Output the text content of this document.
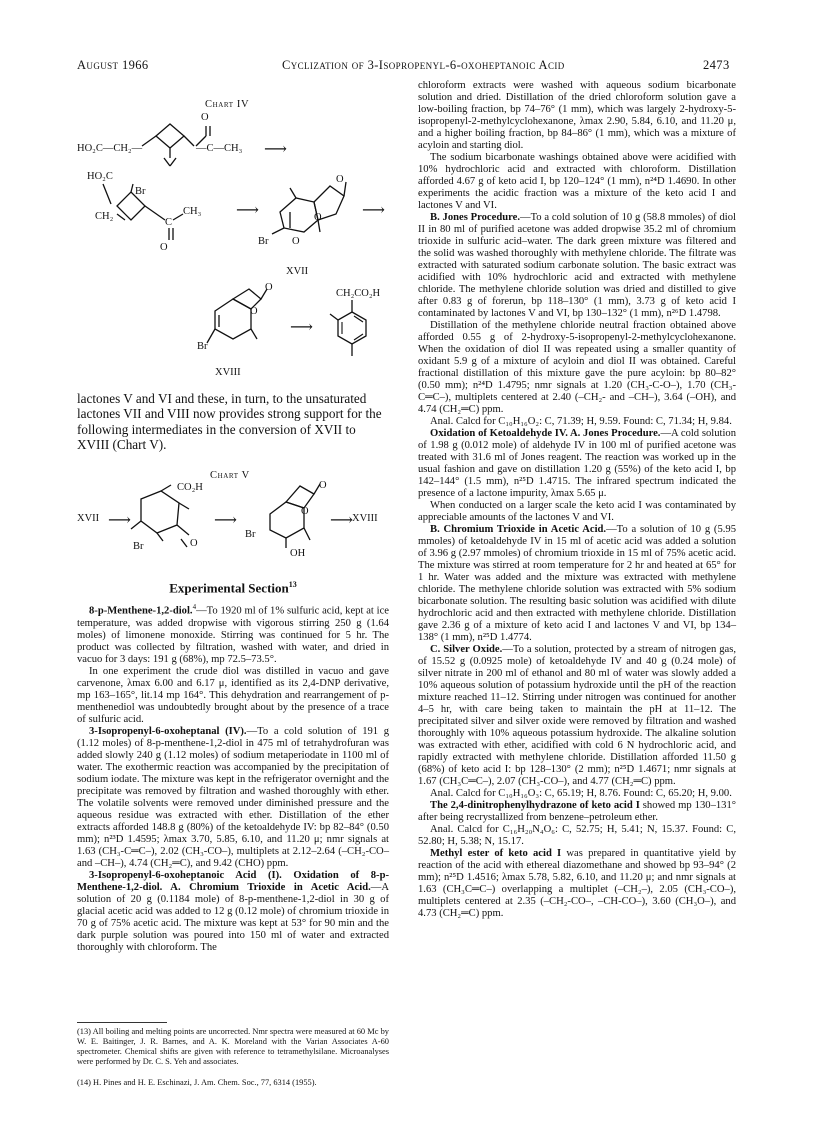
August 1966	Cyclization of 3-Isopropenyl-6-oxoheptanoic Acid	2473
Chart IV
HO₂C—CH₂—
O
—C—CH₃ ⟶
HO₂C
Br
CH₂
C
CH₃
O
⟶
O
O
Br O
⟶
XVII
O
O
Br
XVIII
⟶
CH₂CO₂H
lactones V and VI and these, in turn, to the unsaturated lactones VII and VIII now provides strong support for the following intermediates in the conversion of XVII to XVIII (Chart V).
Chart V
XVII ⟶
CO₂H
Br	O
⟶
O
O
Br
OH
⟶ XVIII
Experimental Section$^{13}$

8-p-Menthene-1,2-diol.$^4$—To 1920 ml of 1% sulfuric acid, kept at ice temperature, was added dropwise with vigorous stirring 250 g (1.64 moles) of limonene monoxide. Stirring was continued for 5 hr. The product was collected by filtration, washed with water, and dried in vacuo for 3 days: 191 g (68%), mp 72.5–73.5°.

In one experiment the crude diol was distilled in vacuo and gave carvenone, λmax 6.00 and 6.17 μ, identified as its 2,4-DNP derivative, mp 163–165°, lit.14 mp 164°. This dehydration and rearrangement of p-menthenediol was undoubtedly brought about by the presence of a trace of sulfuric acid.

3-Isopropenyl-6-oxoheptanal (IV).—To a cold solution of 191 g (1.12 moles) of 8-p-menthene-1,2-diol in 475 ml of tetrahydrofuran was added slowly 240 g (1.12 moles) of sodium metaperiodate in 1100 ml of water. The exothermic reaction was accompanied by the precipitation of sodium iodate. The mixture was kept in the refrigerator overnight and the precipitate was removed by filtration and washed thoroughly with ether. The volatile solvents were removed under diminished pressure and the aqueous residue was extracted with ether. Distillation of the ether extracts afforded 148.8 g (80%) of the ketoaldehyde IV: bp 82–84° (0.50 mm); n²³D 1.4595; λmax 3.70, 5.85, 6.10, and 11.20 μ; nmr signals at 1.63 (CH₃-C═C–), 2.02 (CH₃-CO–), multiplets at 2.12–2.64 (–CH₂-CO– and –CH–), 4.74 (CH₂═C), and 9.42 (CHO) ppm.

3-Isopropenyl-6-oxoheptanoic Acid (I). Oxidation of 8-p-Menthene-1,2-diol. A. Chromium Trioxide in Acetic Acid.—A solution of 20 g (0.1184 mole) of 8-p-menthene-1,2-diol in 30 g of glacial acetic acid was added to 12 g (0.12 mole) of chromium trioxide in 70 g of 75% acetic acid. The mixture was kept at 53° for 90 min and the dark purple solution was poured into 150 ml of water and extracted thoroughly with chloroform. The

(13) All boiling and melting points are uncorrected. Nmr spectra were measured at 60 Mc by W. E. Baitinger, J. R. Barnes, and A. K. Moreland with the Varian Associates A-60 spectrometer. Chemical shifts are given with reference to tetramethylsilane. Microanalyses were performed by Dr. C. S. Yeh and associates.
(14) H. Pines and H. E. Eschinazi, J. Am. Chem. Soc., 77, 6314 (1955).

chloroform extracts were washed with aqueous sodium bicarbonate solution and dried. Distillation of the dried chloroform solution gave a low-boiling fraction, bp 74–76° (1 mm), which was largely 2-hydroxy-5-isopropenyl-2-methylcyclohexanone, λmax 2.90, 5.84, 6.10, and 11.20 μ, and a higher boiling fraction, bp 84–86° (1 mm), which was a mixture of acyloin and starting diol.

The sodium bicarbonate washings obtained above were acidified with 10% hydrochloric acid and extracted with chloroform. Distillation afforded 4.67 g of keto acid I, bp 120–124° (1 mm), n²⁴D 1.4690. In other experiments the acidic fraction was a mixture of the keto acid I and lactones V and VI.

B. Jones Procedure.—To a cold solution of 10 g (58.8 mmoles) of diol II in 80 ml of purified acetone was added dropwise 35.2 ml of chromium trioxide in sulfuric acid–water. The dark green mixture was filtered and the solid was washed thoroughly with methylene chloride. The filtrate was extracted with saturated sodium carbonate solution. The basic extract was acidified with 10% hydrochloric acid and extracted with methylene chloride. The methylene chloride solution was dried and distilled to give after 0.83 g of forerun, bp 118–130° (1 mm), 3.73 g of keto acid I contaminated by lactones V and VI, bp 130–132° (1 mm), n²⁶D 1.4798.

Distillation of the methylene chloride neutral fraction obtained above afforded 0.55 g of 2-hydroxy-5-isopropenyl-2-methylcyclohexanone. When the oxidation of diol II was repeated using a smaller quantity of oxidant 5.9 g of a mixture of acyloin and diol II was obtained. Careful fractional distillation of this mixture gave the pure acyloin: bp 80–82° (0.50 mm); n²⁴D 1.4795; nmr signals at 1.20 (CH₃-C-O–), 1.70 (CH₃-C═C–), multiplets centered at 2.40 (–CH₂- and –CH–), 3.64 (–OH), and 4.74 (CH₂═C) ppm.

Anal. Calcd for C₁₀H₁₆O₂: C, 71.39; H, 9.59. Found: C, 71.34; H, 9.84.

Oxidation of Ketoaldehyde IV. A. Jones Procedure.—A cold solution of 1.98 g (0.012 mole) of aldehyde IV in 100 ml of purified acetone was treated with 31.6 ml of Jones reagent. The reaction was worked up in the usual fashion and gave on distillation 1.20 g (55%) of the keto acid I, bp 142–144° (1.5 mm), n²⁵D 1.4715. The infrared spectrum indicated the presence of a lactone impurity, λmax 5.65 μ.

When conducted on a larger scale the keto acid I was contaminated by appreciable amounts of the lactones V and VI.

B. Chromium Trioxide in Acetic Acid.—To a solution of 10 g (5.95 mmoles) of ketoaldehyde IV in 15 ml of acetic acid was added a solution of 3.96 g (2.97 mmoles) of chromium trioxide in 15 ml of 75% acetic acid. The mixture was stirred at room temperature for 2 hr and heated at 65° for 1 hr. Water was added and the mixture was extracted with methylene chloride. The methylene chloride solution was extracted with 5% sodium bicarbonate solution. The resulting basic solution was acidified with dilute hydrochloric acid and then extracted with methylene chloride. Distillation gave 2.36 g of a mixture of keto acid I and lactones V and VI, bp 134–138° (1 mm), n²⁵D 1.4774.

C. Silver Oxide.—To a solution, protected by a stream of nitrogen gas, of 15.52 g (0.0925 mole) of ketoaldehyde IV and 40 g (0.24 mole) of silver nitrate in 200 ml of ethanol and 80 ml of water was slowly added a 10% aqueous solution of potassium hydroxide until the pH of the reaction mixture reached 11–12. Stirring under nitrogen was continued for another 4–5 hr, with care being taken to maintain the pH at 11–12. The precipitated silver and silver oxide were removed by filtration and washed thoroughly with 10% aqueous potassium hydroxide. The alkaline solution was extracted with ether, acidified with cold 6 N hydrochloric acid, and rapidly extracted with methylene chloride. Distillation afforded 11.50 g (68%) of keto acid I: bp 128–130° (2 mm); n²⁵D 1.4671; nmr signals at 1.67 (CH₃C═C–), 2.07 (CH₃-CO–), and 4.77 (CH₂═C) ppm.

Anal. Calcd for C₁₀H₁₆O₃: C, 65.19; H, 8.76. Found: C, 65.20; H, 9.00.

The 2,4-dinitrophenylhydrazone of keto acid I showed mp 130–131° after being recrystallized from benzene–petroleum ether.

Anal. Calcd for C₁₆H₂₀N₄O₆: C, 52.75; H, 5.41; N, 15.37. Found: C, 52.80; H, 5.38; N, 15.17.

Methyl ester of keto acid I was prepared in quantitative yield by reaction of the acid with ethereal diazomethane and showed bp 93–94° (2 mm); n²⁵D 1.4516; λmax 5.78, 5.82, 6.10, and 11.20 μ; and nmr signals at 1.63 (CH₃C═C–) overlapping a multiplet (–CH₂–), 2.05 (CH₃-CO–), multiplets centered at 2.35 (–CH₂-CO–, –CH-CO–), 3.60 (CH₃O–), and 4.73 (CH₂═C) ppm.
